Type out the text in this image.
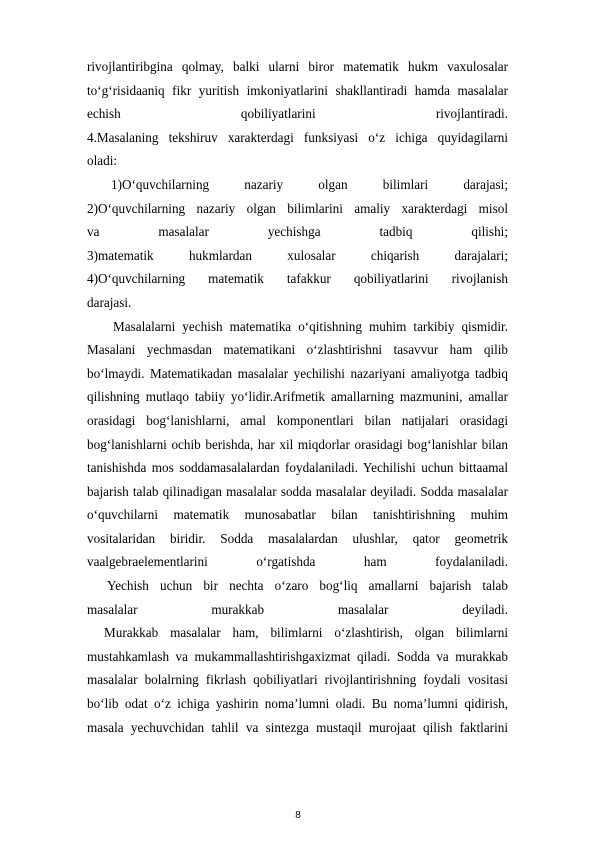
rivojlantiribgina qolmay, balki ularni biror matematik hukm vaxulosalar
to‘g‘risidaaniq fikr yuritish imkoniyatlarini shakllantiradi hamda masalalar
echish qobiliyatlarini rivojlantiradi.
4.Masalaning tekshiruv xarakterdagi funksiyasi o‘z ichiga quyidagilarni
oladi:
1)O‘quvchilarning nazariy olgan bilimlari darajasi;
2)O‘quvchilarning nazariy olgan bilimlarini amaliy xarakterdagi misol
va masalalar yechishga tadbiq qilishi;
3)matematik hukmlardan xulosalar chiqarish darajalari;
4)O‘quvchilarning matematik tafakkur qobiliyatlarini rivojlanish
darajasi.
Masalalarni yechish matematika o‘qitishning muhim tarkibiy qismidir.
Masalani yechmasdan matematikani o‘zlashtirishni tasavvur ham qilib
bo‘lmaydi. Matematikadan masalalar yechilishi nazariyani amaliyotga tadbiq
qilishning mutlaqo tabiiy yo‘lidir.Arifmetik amallarning mazmunini, amallar
orasidagi bog‘lanishlarni, amal komponentlari bilan natijalari orasidagi
bog‘lanishlarni ochib berishda, har xil miqdorlar orasidagi bog‘lanishlar bilan
tanishishda mos soddamasalalardan foydalaniladi. Yechilishi uchun bittaamal
bajarish talab qilinadigan masalalar sodda masalalar deyiladi. Sodda masalalar
o‘quvchilarni matematik munosabatlar bilan tanishtirishning muhim
vositalaridan biridir. Sodda masalalardan ulushlar, qator geometrik
vaalgebraelementlarini o‘rgatishda ham foydalaniladi.
Yechish uchun bir nechta o‘zaro bog‘liq amallarni bajarish talab
masalalar murakkab masalalar deyiladi.
Murakkab masalalar ham, bilimlarni o‘zlashtirish, olgan bilimlarni
mustahkamlash va mukammallashtirishgaxizmat qiladi. Sodda va murakkab
masalalar bolalrning fikrlash qobiliyatlari rivojlantirishning foydali vositasi
bo‘lib odat o‘z ichiga yashirin noma’lumni oladi. Bu noma’lumni qidirish,
masala yechuvchidan tahlil va sintezga mustaqil murojaat qilish faktlarini
8
